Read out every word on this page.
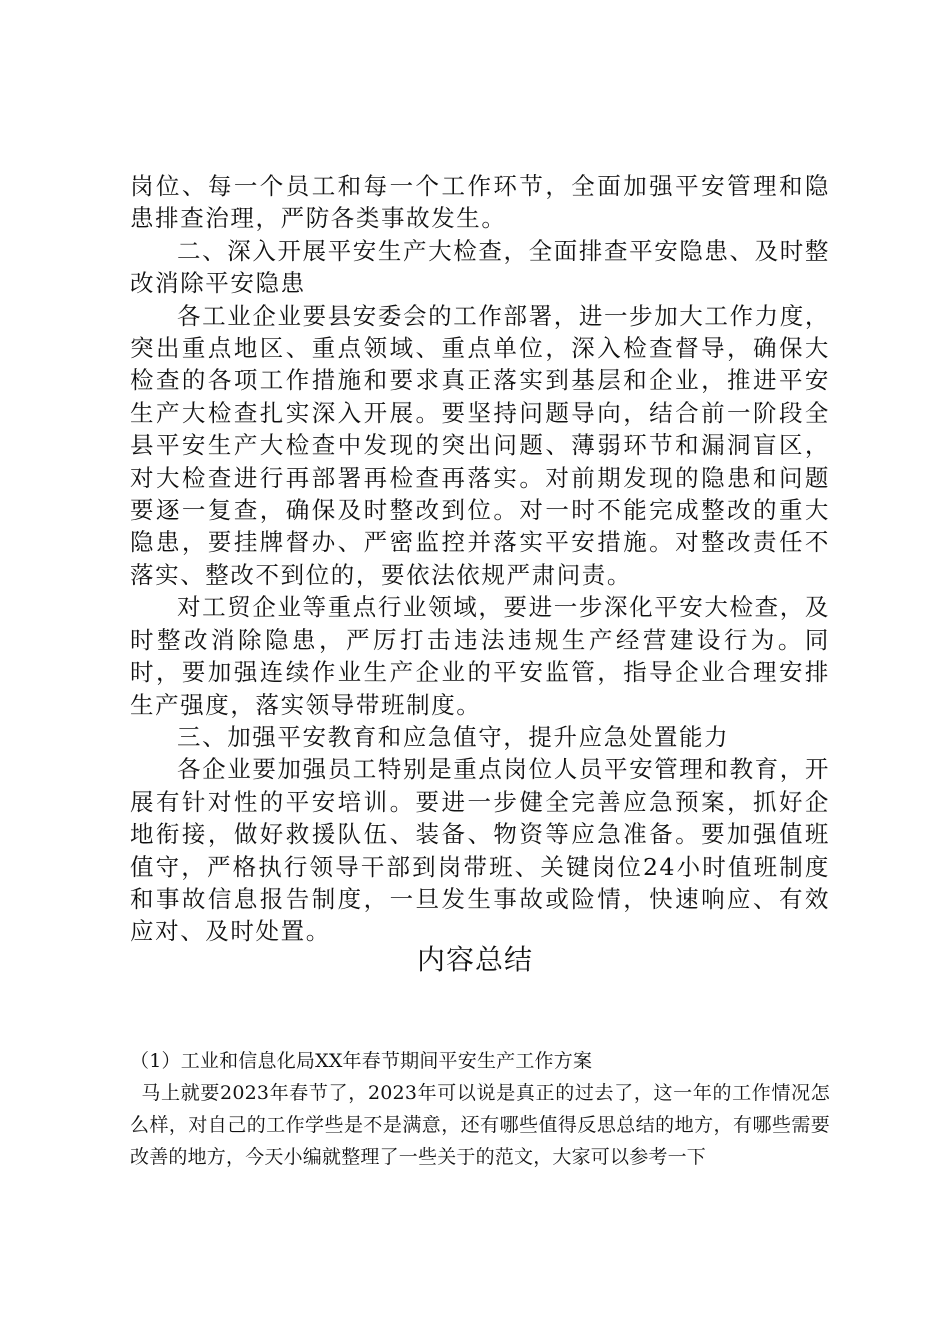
岗位、每一个员工和每一个工作环节，全面加强平安管理和隐患排查治理，严防各类事故发生。

二、深入开展平安生产大检查，全面排查平安隐患、及时整改消除平安隐患

各工业企业要县安委会的工作部署，进一步加大工作力度，突出重点地区、重点领域、重点单位，深入检查督导，确保大检查的各项工作措施和要求真正落实到基层和企业，推进平安生产大检查扎实深入开展。要坚持问题导向，结合前一阶段全县平安生产大检查中发现的突出问题、薄弱环节和漏洞盲区，对大检查进行再部署再检查再落实。对前期发现的隐患和问题要逐一复查，确保及时整改到位。对一时不能完成整改的重大隐患，要挂牌督办、严密监控并落实平安措施。对整改责任不落实、整改不到位的，要依法依规严肃问责。

对工贸企业等重点行业领域，要进一步深化平安大检查，及时整改消除隐患，严厉打击违法违规生产经营建设行为。同时，要加强连续作业生产企业的平安监管，指导企业合理安排生产强度，落实领导带班制度。

三、加强平安教育和应急值守，提升应急处置能力

各企业要加强员工特别是重点岗位人员平安管理和教育，开展有针对性的平安培训。要进一步健全完善应急预案，抓好企地衔接，做好救援队伍、装备、物资等应急准备。要加强值班值守，严格执行领导干部到岗带班、关键岗位24小时值班制度和事故信息报告制度，一旦发生事故或险情，快速响应、有效应对、及时处置。

内容总结

（1）工业和信息化局XX年春节期间平安生产工作方案

马上就要2023年春节了，2023年可以说是真正的过去了，这一年的工作情况怎么样，对自己的工作学些是不是满意，还有哪些值得反思总结的地方，有哪些需要改善的地方，今天小编就整理了一些关于的范文，大家可以参考一下
